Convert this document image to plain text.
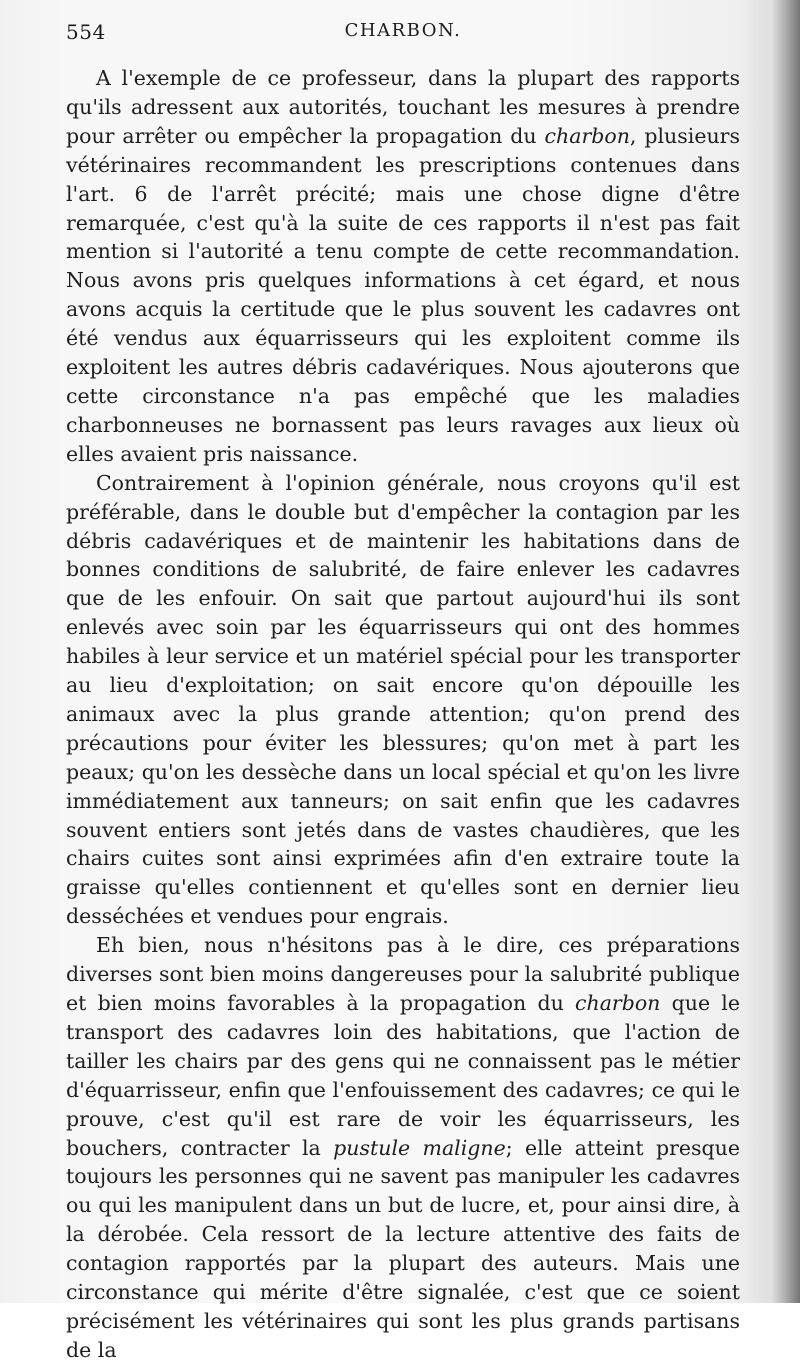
554	CHARBON.

A l'exemple de ce professeur, dans la plupart des rapports qu'ils adressent aux autorités, touchant les mesures à prendre pour arrêter ou empêcher la propagation du charbon, plusieurs vétérinaires recommandent les prescriptions contenues dans l'art. 6 de l'arrêt précité; mais une chose digne d'être remarquée, c'est qu'à la suite de ces rapports il n'est pas fait mention si l'autorité a tenu compte de cette recommandation. Nous avons pris quelques informations à cet égard, et nous avons acquis la certitude que le plus souvent les cadavres ont été vendus aux équarrisseurs qui les exploitent comme ils exploitent les autres débris cadavériques. Nous ajouterons que cette circonstance n'a pas empêché que les maladies charbonneuses ne bornassent pas leurs ravages aux lieux où elles avaient pris naissance.

Contrairement à l'opinion générale, nous croyons qu'il est préférable, dans le double but d'empêcher la contagion par les débris cadavériques et de maintenir les habitations dans de bonnes conditions de salubrité, de faire enlever les cadavres que de les enfouir. On sait que partout aujourd'hui ils sont enlevés avec soin par les équarrisseurs qui ont des hommes habiles à leur service et un matériel spécial pour les transporter au lieu d'exploitation; on sait encore qu'on dépouille les animaux avec la plus grande attention; qu'on prend des précautions pour éviter les blessures; qu'on met à part les peaux; qu'on les dessèche dans un local spécial et qu'on les livre immédiatement aux tanneurs; on sait enfin que les cadavres souvent entiers sont jetés dans de vastes chaudières, que les chairs cuites sont ainsi exprimées afin d'en extraire toute la graisse qu'elles contiennent et qu'elles sont en dernier lieu desséchées et vendues pour engrais.

Eh bien, nous n'hésitons pas à le dire, ces préparations diverses sont bien moins dangereuses pour la salubrité publique et bien moins favorables à la propagation du charbon que le transport des cadavres loin des habitations, que l'action de tailler les chairs par des gens qui ne connaissent pas le métier d'équarrisseur, enfin que l'enfouissement des cadavres; ce qui le prouve, c'est qu'il est rare de voir les équarrisseurs, les bouchers, contracter la pustule maligne; elle atteint presque toujours les personnes qui ne savent pas manipuler les cadavres ou qui les manipulent dans un but de lucre, et, pour ainsi dire, à la dérobée. Cela ressort de la lecture attentive des faits de contagion rapportés par la plupart des auteurs. Mais une circonstance qui mérite d'être signalée, c'est que ce soient précisément les vétérinaires qui sont les plus grands partisans de la
